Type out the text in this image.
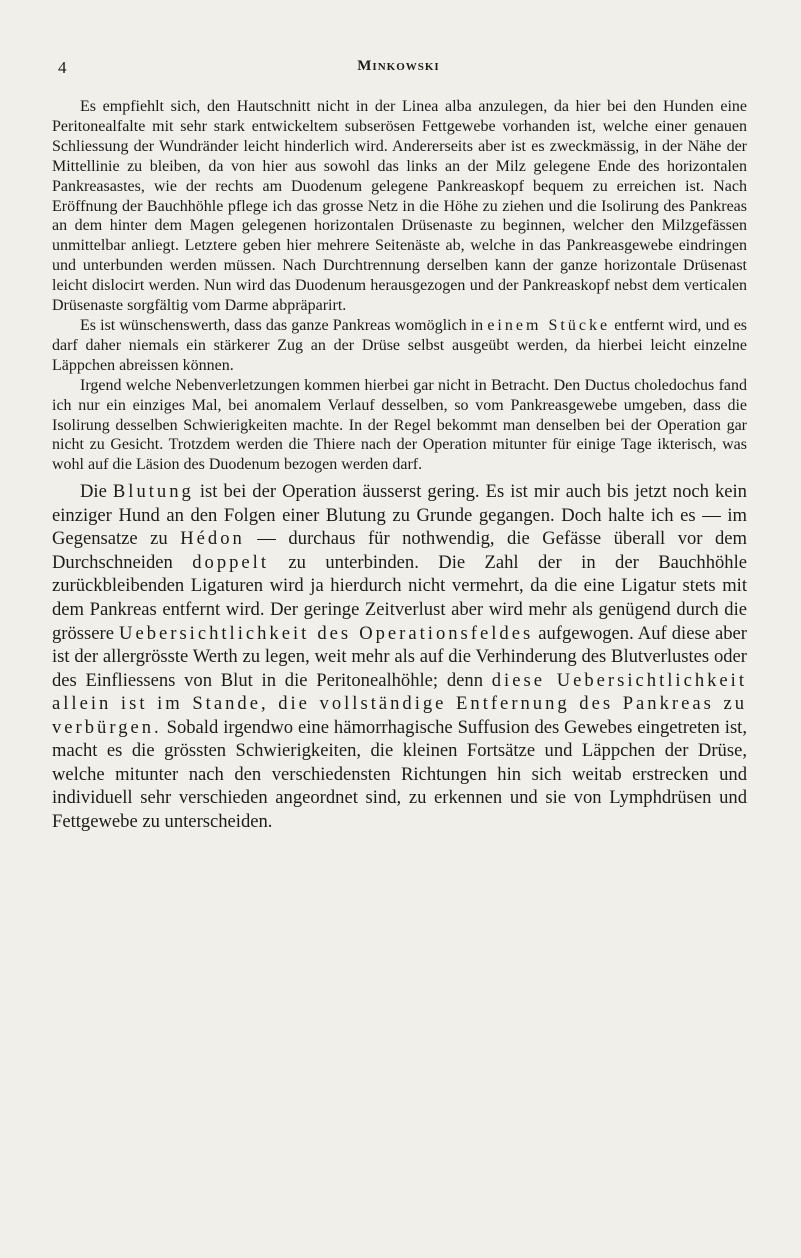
4	Minkowski

Es empfiehlt sich, den Hautschnitt nicht in der Linea alba anzulegen, da hier bei den Hunden eine Peritonealfalte mit sehr stark entwickeltem subserösen Fettgewebe vorhanden ist, welche einer genauen Schliessung der Wundränder leicht hinderlich wird. Andererseits aber ist es zweckmässig, in der Nähe der Mittellinie zu bleiben, da von hier aus sowohl das links an der Milz gelegene Ende des horizontalen Pankreasastes, wie der rechts am Duodenum gelegene Pankreaskopf bequem zu erreichen ist. Nach Eröffnung der Bauchhöhle pflege ich das grosse Netz in die Höhe zu ziehen und die Isolirung des Pankreas an dem hinter dem Magen gelegenen horizontalen Drüsenaste zu beginnen, welcher den Milzgefässen unmittelbar anliegt. Letztere geben hier mehrere Seitenäste ab, welche in das Pankreasgewebe eindringen und unterbunden werden müssen. Nach Durchtrennung derselben kann der ganze horizontale Drüsenast leicht dislocirt werden. Nun wird das Duodenum herausgezogen und der Pankreaskopf nebst dem verticalen Drüsenaste sorgfältig vom Darme abpräparirt.

Es ist wünschenswerth, dass das ganze Pankreas womöglich in einem Stücke entfernt wird, und es darf daher niemals ein stärkerer Zug an der Drüse selbst ausgeübt werden, da hierbei leicht einzelne Läppchen abreissen können.

Irgend welche Nebenverletzungen kommen hierbei gar nicht in Betracht. Den Ductus choledochus fand ich nur ein einziges Mal, bei anomalem Verlauf desselben, so vom Pankreasgewebe umgeben, dass die Isolirung desselben Schwierigkeiten machte. In der Regel bekommt man denselben bei der Operation gar nicht zu Gesicht. Trotzdem werden die Thiere nach der Operation mitunter für einige Tage ikterisch, was wohl auf die Läsion des Duodenum bezogen werden darf.

Die Blutung ist bei der Operation äusserst gering. Es ist mir auch bis jetzt noch kein einziger Hund an den Folgen einer Blutung zu Grunde gegangen. Doch halte ich es — im Gegensatze zu Hédon — durchaus für nothwendig, die Gefässe überall vor dem Durchschneiden doppelt zu unterbinden. Die Zahl der in der Bauchhöhle zurückbleibenden Ligaturen wird ja hierdurch nicht vermehrt, da die eine Ligatur stets mit dem Pankreas entfernt wird. Der geringe Zeitverlust aber wird mehr als genügend durch die grössere Uebersichtlichkeit des Operationsfeldes aufgewogen. Auf diese aber ist der allergrösste Werth zu legen, weit mehr als auf die Verhinderung des Blutverlustes oder des Einfliessens von Blut in die Peritonealhöhle; denn diese Uebersichtlichkeit allein ist im Stande, die vollständige Entfernung des Pankreas zu verbürgen. Sobald irgendwo eine hämorrhagische Suffusion des Gewebes eingetreten ist, macht es die grössten Schwierigkeiten, die kleinen Fortsätze und Läppchen der Drüse, welche mitunter nach den verschiedensten Richtungen hin sich weitab erstrecken und individuell sehr verschieden angeordnet sind, zu erkennen und sie von Lymphdrüsen und Fettgewebe zu unterscheiden.
